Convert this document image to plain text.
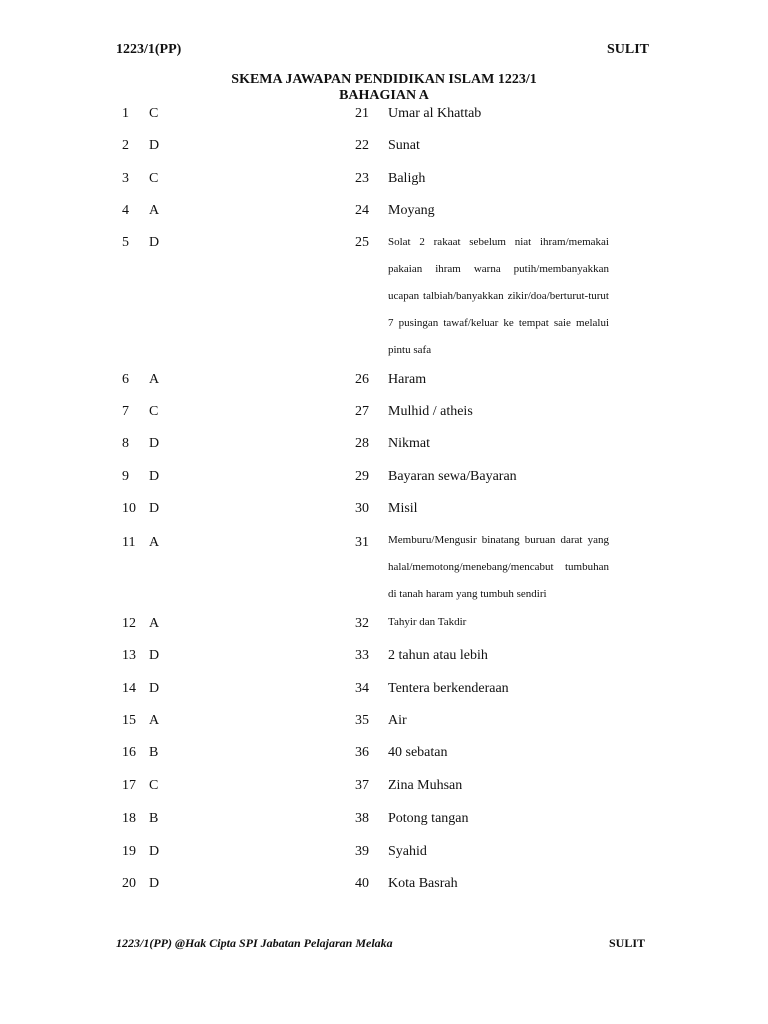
1223/1(PP)	SULIT
SKEMA JAWAPAN PENDIDIKAN ISLAM 1223/1
BAHAGIAN A
1 C
2 D
3 C
4 A
5 D
6 A
7 C
8 D
9 D
10 D
11 A
12 A
13 D
14 D
15 A
16 B
17 C
18 B
19 D
20 D
21 Umar al Khattab
22 Sunat
23 Baligh
24 Moyang
25 Solat 2 rakaat sebelum niat ihram/memakai pakaian ihram warna putih/membanyakkan ucapan talbiah/banyakkan zikir/doa/berturut-turut 7 pusingan tawaf/keluar ke tempat saie melalui pintu safa
26 Haram
27 Mulhid / atheis
28 Nikmat
29 Bayaran sewa/Bayaran
30 Misil
31 Memburu/Mengusir binatang buruan darat yang halal/memotong/menebang/mencabut tumbuhan di tanah haram yang tumbuh sendiri
32 Tahyir dan Takdir
33 2 tahun atau lebih
34 Tentera berkenderaan
35 Air
36 40 sebatan
37 Zina Muhsan
38 Potong tangan
39 Syahid
40 Kota Basrah
1223/1(PP) @Hak Cipta SPI Jabatan Pelajaran Melaka	SULIT
